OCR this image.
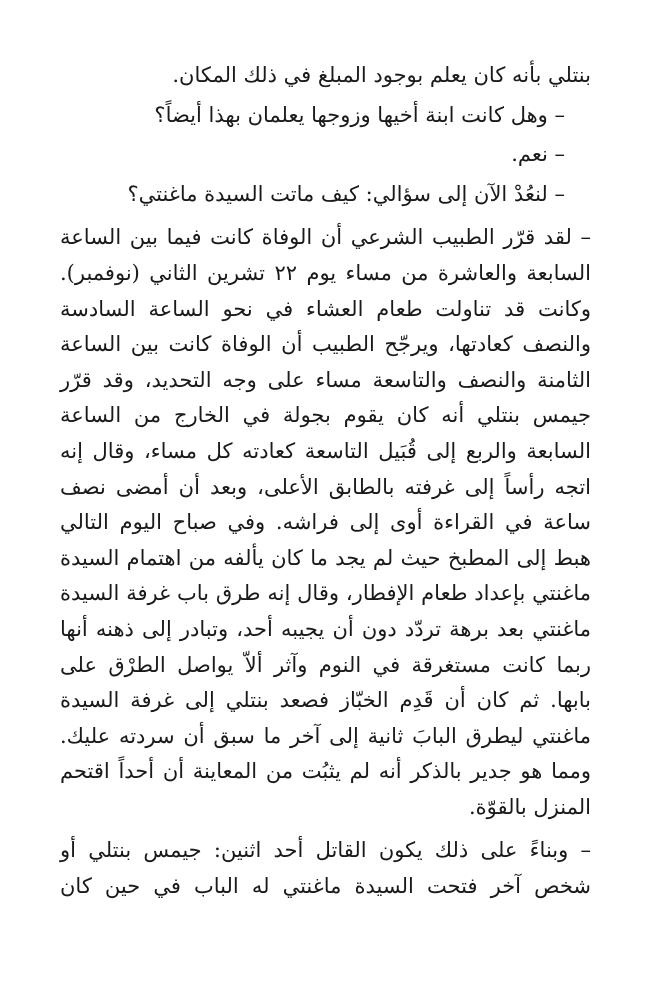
بنتلي بأنه كان يعلم بوجود المبلغ في ذلك المكان.

– وهل كانت ابنة أخيها وزوجها يعلمان بهذا أيضاً؟

– نعم.

– لنعُدْ الآن إلى سؤالي: كيف ماتت السيدة ماغنتي؟

– لقد قرّر الطبيب الشرعي أن الوفاة كانت فيما بين الساعة السابعة والعاشرة من مساء يوم ٢٢ تشرين الثاني (نوفمبر). وكانت قد تناولت طعام العشاء في نحو الساعة السادسة والنصف كعادتها، ويرجّح الطبيب أن الوفاة كانت بين الساعة الثامنة والنصف والتاسعة مساء على وجه التحديد، وقد قرّر جيمس بنتلي أنه كان يقوم بجولة في الخارج من الساعة السابعة والربع إلى قُبَيل التاسعة كعادته كل مساء، وقال إنه اتجه رأساً إلى غرفته بالطابق الأعلى، وبعد أن أمضى نصف ساعة في القراءة أوى إلى فراشه. وفي صباح اليوم التالي هبط إلى المطبخ حيث لم يجد ما كان يألفه من اهتمام السيدة ماغنتي بإعداد طعام الإفطار، وقال إنه طرق باب غرفة السيدة ماغنتي بعد برهة تردّد دون أن يجيبه أحد، وتبادر إلى ذهنه أنها ربما كانت مستغرقة في النوم وآثر ألاّ يواصل الطرْق على بابها. ثم كان أن قَدِم الخبّاز فصعد بنتلي إلى غرفة السيدة ماغنتي ليطرق البابَ ثانية إلى آخر ما سبق أن سردته عليك. ومما هو جدير بالذكر أنه لم يثبُت من المعاينة أن أحداً اقتحم المنزل بالقوّة.

– وبناءً على ذلك يكون القاتل أحد اثنين: جيمس بنتلي أو شخص آخر فتحت السيدة ماغنتي له الباب في حين كان
